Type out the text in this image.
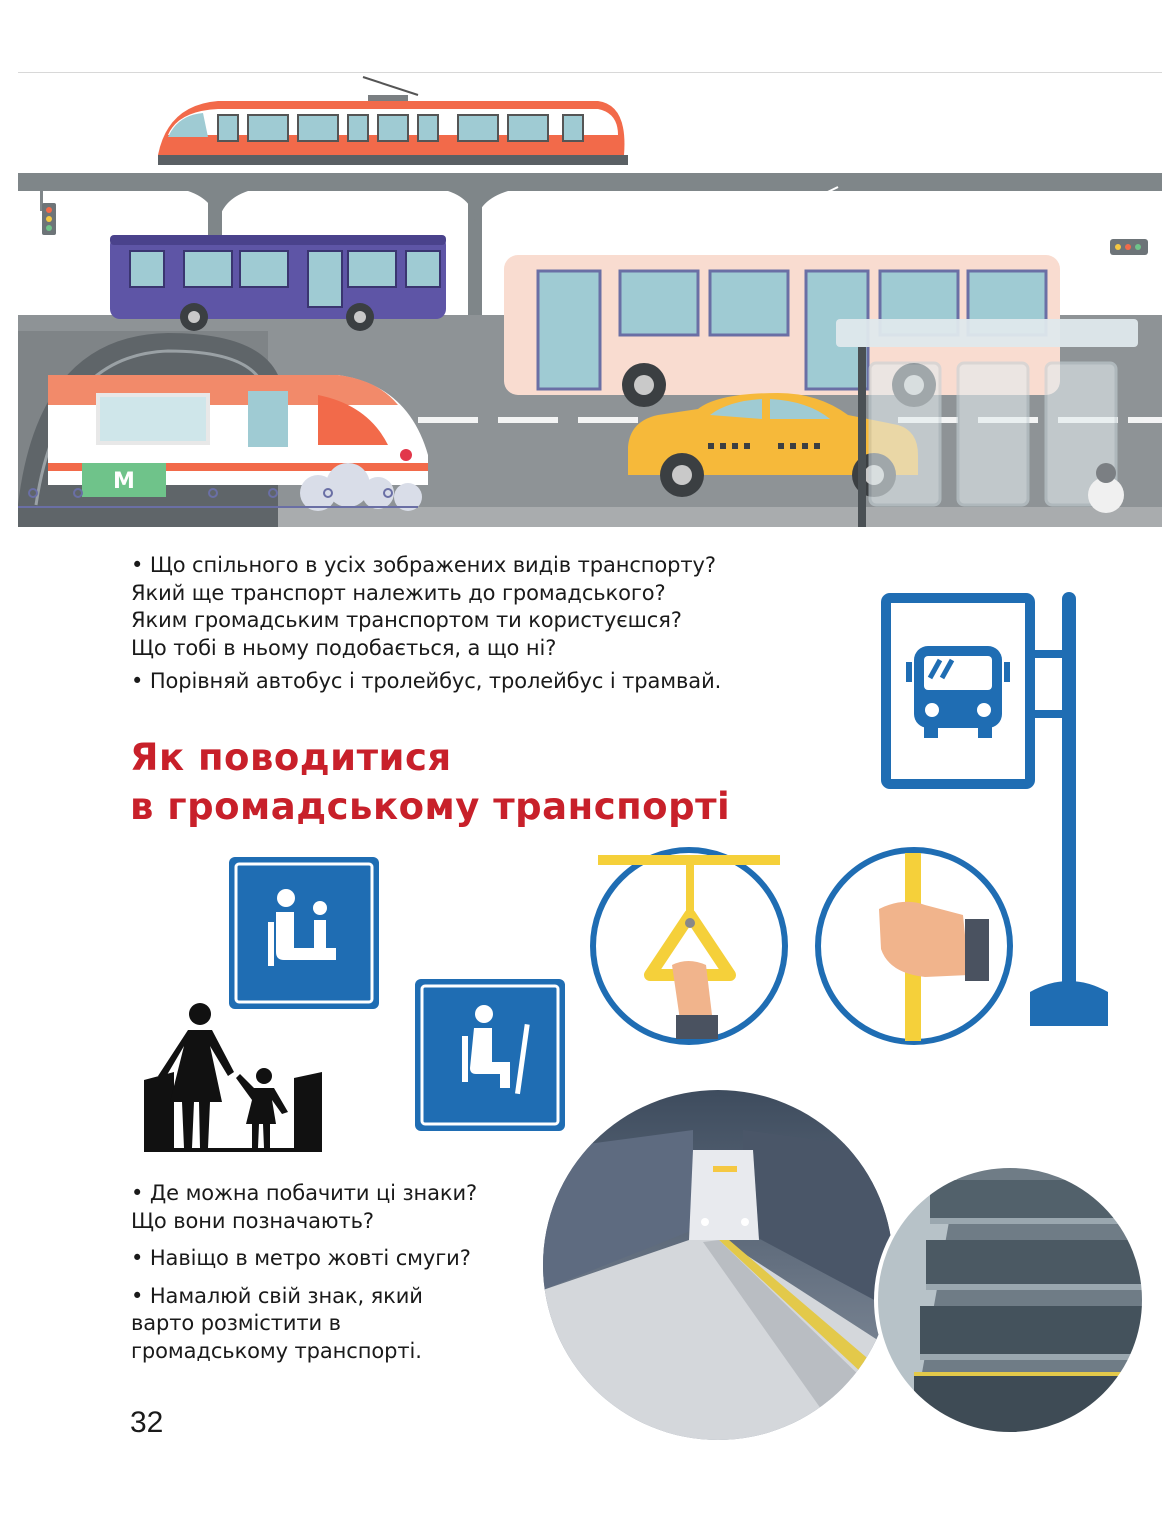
M

• Що спільного в усіх зображених видів транспорту?

Який ще транспорт належить до громадського?

Яким громадським транспортом ти користуєшся?

Що тобі в ньому подобається, а що ні?

• Порівняй автобус і тролейбус, тролейбус і трамвай.

Як поводитися
в громадському транспорті

• Де можна побачити ці знаки?

Що вони позначають?

• Навіщо в метро жовті смуги?

• Намалюй свій знак, який

варто розмістити в

громадському транспорті.

32
